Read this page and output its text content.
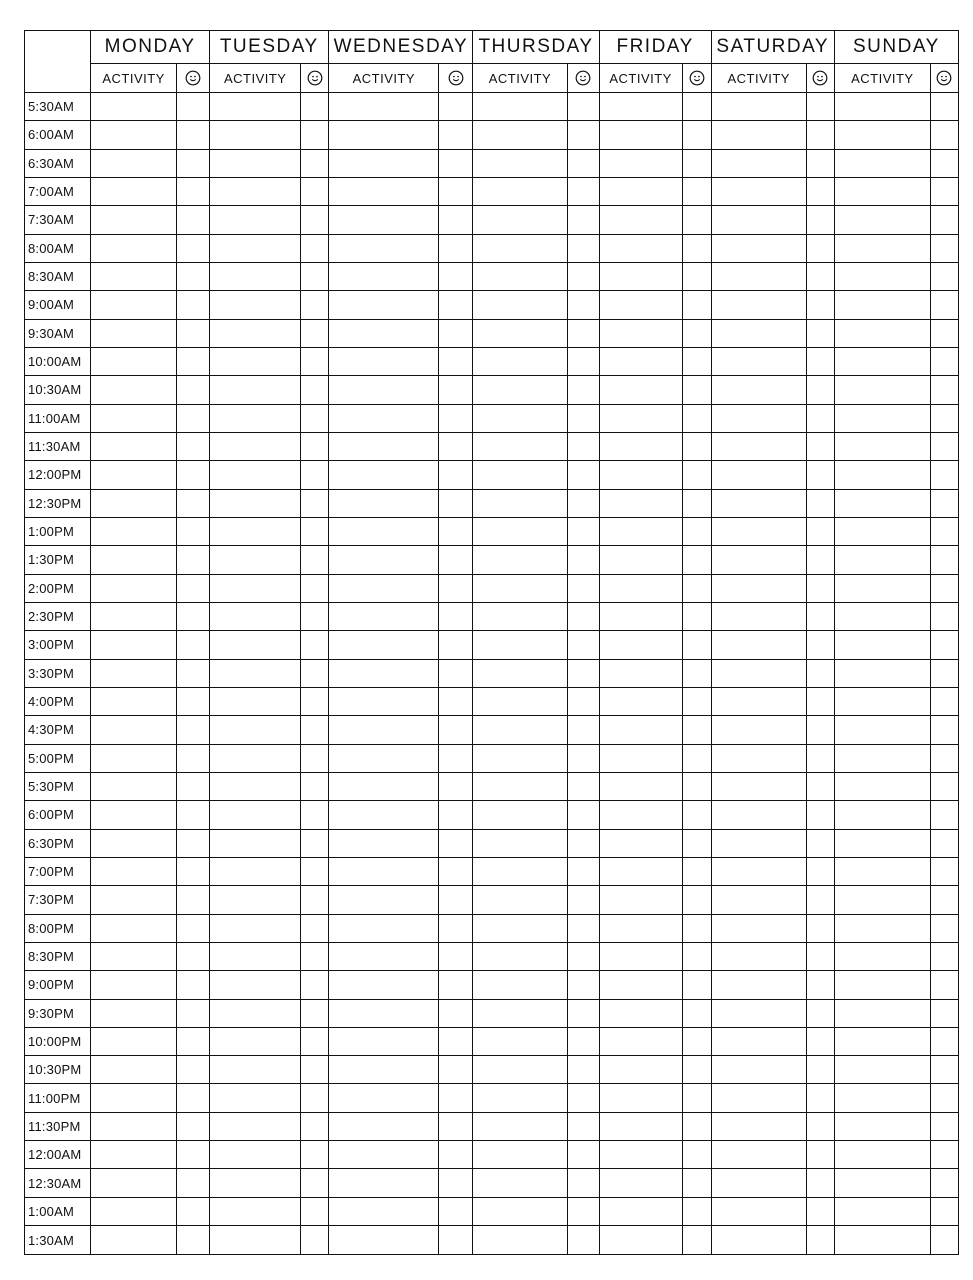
	MONDAY		TUESDAY		WEDNESDAY		THURSDAY		FRIDAY		SATURDAY		SUNDAY	
	ACTIVITY		ACTIVITY		ACTIVITY		ACTIVITY		ACTIVITY		ACTIVITY		ACTIVITY	
5:30AM														
6:00AM														
6:30AM														
7:00AM														
7:30AM														
8:00AM														
8:30AM														
9:00AM														
9:30AM														
10:00AM														
10:30AM														
11:00AM														
11:30AM														
12:00PM														
12:30PM														
1:00PM														
1:30PM														
2:00PM														
2:30PM														
3:00PM														
3:30PM														
4:00PM														
4:30PM														
5:00PM														
5:30PM														
6:00PM														
6:30PM														
7:00PM														
7:30PM														
8:00PM														
8:30PM														
9:00PM														
9:30PM														
10:00PM														
10:30PM														
11:00PM														
11:30PM														
12:00AM														
12:30AM														
1:00AM														
1:30AM														
